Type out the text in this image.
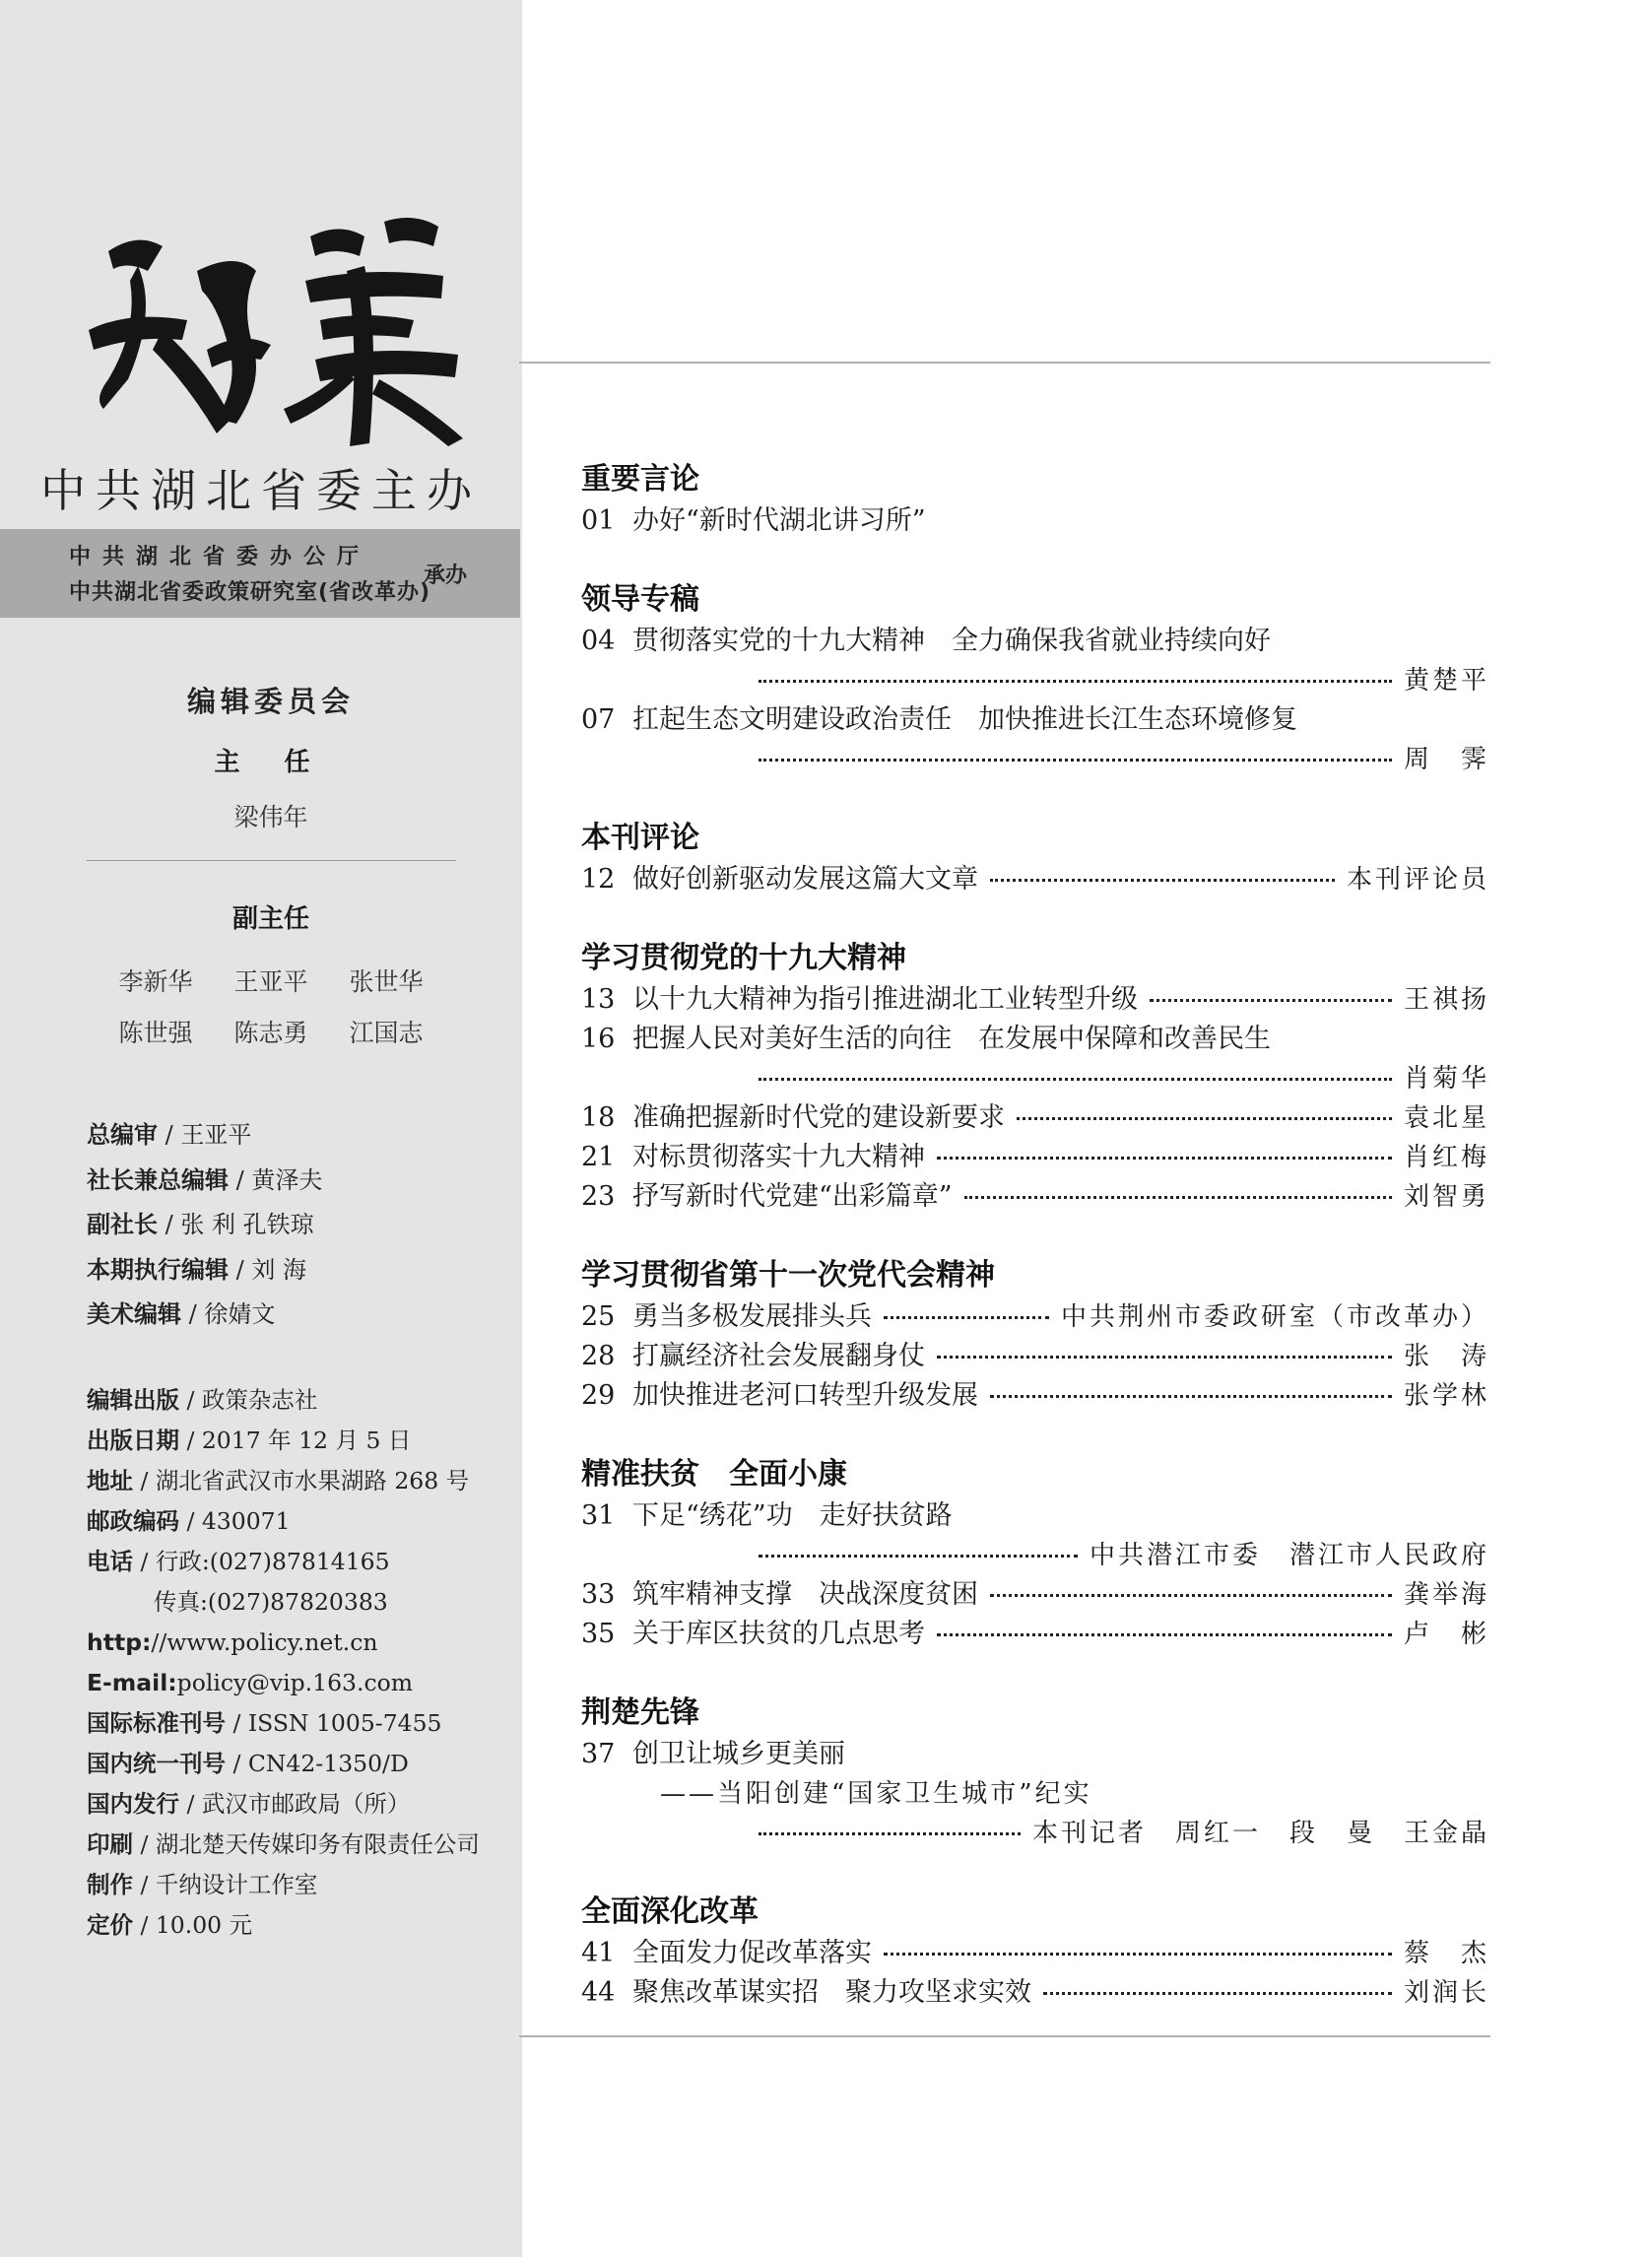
中共湖北省委主办
中共湖北省委办公厅
中共湖北省委政策研究室(省改革办)
承办
编辑委员会
主 任
梁伟年
副主任
李新华 王亚平 张世华
陈世强 陈志勇 江国志
总编审 / 王亚平
社长兼总编辑 / 黄泽夫
副社长 / 张 利 孔铁琼
本期执行编辑 / 刘 海
美术编辑 / 徐婧文
编辑出版 / 政策杂志社
出版日期 / 2017 年 12 月 5 日
地址 / 湖北省武汉市水果湖路 268 号
邮政编码 / 430071
电话 / 行政:(027)87814165
传真:(027)87820383
http://www.policy.net.cn
E-mail:policy@vip.163.com
国际标准刊号 / ISSN 1005-7455
国内统一刊号 / CN42-1350/D
国内发行 / 武汉市邮政局（所）
印刷 / 湖北楚天传媒印务有限责任公司
制作 / 千纳设计工作室
定价 / 10.00 元
重要言论
01 办好“新时代湖北讲习所”
领导专稿
04 贯彻落实党的十九大精神　全力确保我省就业持续向好
黄楚平
07 扛起生态文明建设政治责任　加快推进长江生态环境修复
周　霁
本刊评论
12 做好创新驱动发展这篇大文章	本刊评论员
学习贯彻党的十九大精神
13 以十九大精神为指引推进湖北工业转型升级	王祺扬
16 把握人民对美好生活的向往　在发展中保障和改善民生
肖菊华
18 准确把握新时代党的建设新要求	袁北星
21 对标贯彻落实十九大精神	肖红梅
23 抒写新时代党建“出彩篇章”	刘智勇
学习贯彻省第十一次党代会精神
25 勇当多极发展排头兵	中共荆州市委政研室（市改革办）
28 打赢经济社会发展翻身仗	张　涛
29 加快推进老河口转型升级发展	张学林
精准扶贫　全面小康
31 下足“绣花”功　走好扶贫路
中共潜江市委　潜江市人民政府
33 筑牢精神支撑　决战深度贫困	龚举海
35 关于库区扶贫的几点思考	卢　彬
荆楚先锋
37 创卫让城乡更美丽
——当阳创建“国家卫生城市”纪实
本刊记者　周红一　段　曼　王金晶
全面深化改革
41 全面发力促改革落实	蔡　杰
44 聚焦改革谋实招　聚力攻坚求实效	刘润长
